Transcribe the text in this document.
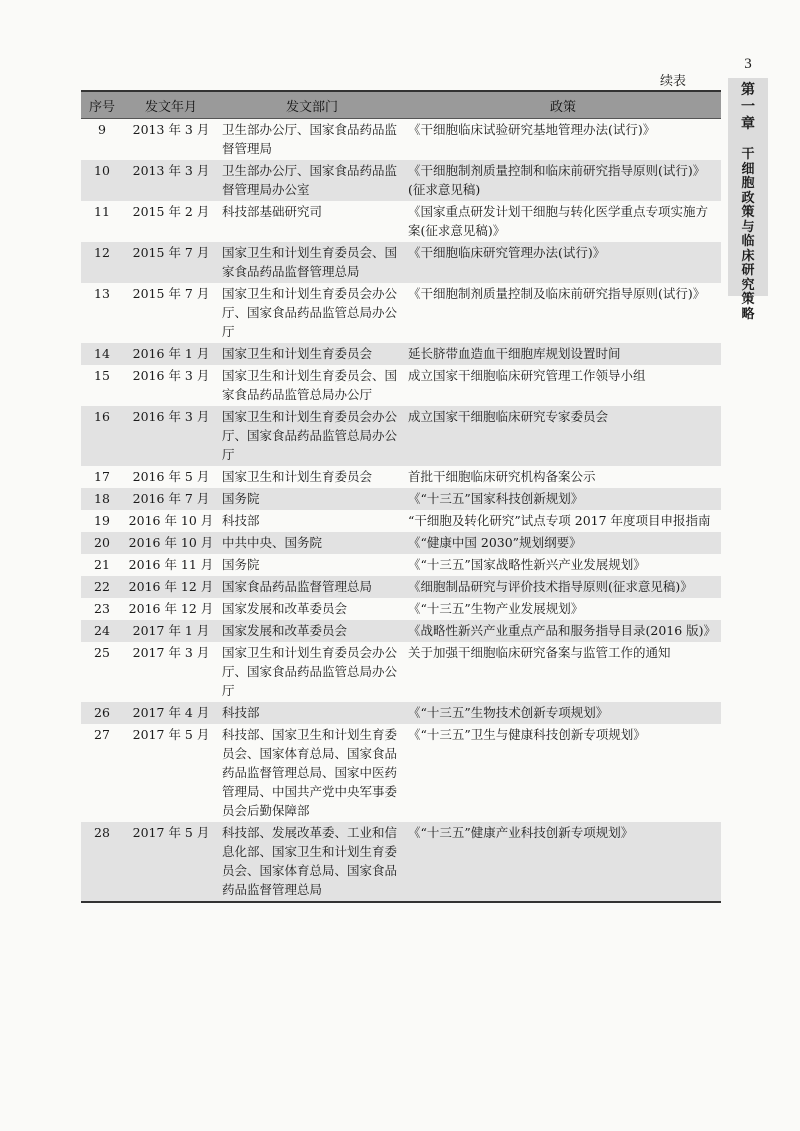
3
第
一
章
干
细
胞
政
策
与
临
床
研
究
策
略
续表
序号	发文年月	发文部门	政策
9	2013 年 3 月	卫生部办公厅、国家食品药品监督管理局	《干细胞临床试验研究基地管理办法(试行)》
10	2013 年 3 月	卫生部办公厅、国家食品药品监督管理局办公室	《干细胞制剂质量控制和临床前研究指导原则(试行)》(征求意见稿)
11	2015 年 2 月	科技部基础研究司	《国家重点研发计划干细胞与转化医学重点专项实施方案(征求意见稿)》
12	2015 年 7 月	国家卫生和计划生育委员会、国家食品药品监督管理总局	《干细胞临床研究管理办法(试行)》
13	2015 年 7 月	国家卫生和计划生育委员会办公厅、国家食品药品监管总局办公厅	《干细胞制剂质量控制及临床前研究指导原则(试行)》
14	2016 年 1 月	国家卫生和计划生育委员会	延长脐带血造血干细胞库规划设置时间
15	2016 年 3 月	国家卫生和计划生育委员会、国家食品药品监管总局办公厅	成立国家干细胞临床研究管理工作领导小组
16	2016 年 3 月	国家卫生和计划生育委员会办公厅、国家食品药品监管总局办公厅	成立国家干细胞临床研究专家委员会
17	2016 年 5 月	国家卫生和计划生育委员会	首批干细胞临床研究机构备案公示
18	2016 年 7 月	国务院	《“十三五”国家科技创新规划》
19	2016 年 10 月	科技部	“干细胞及转化研究”试点专项 2017 年度项目申报指南
20	2016 年 10 月	中共中央、国务院	《“健康中国 2030”规划纲要》
21	2016 年 11 月	国务院	《“十三五”国家战略性新兴产业发展规划》
22	2016 年 12 月	国家食品药品监督管理总局	《细胞制品研究与评价技术指导原则(征求意见稿)》
23	2016 年 12 月	国家发展和改革委员会	《“十三五”生物产业发展规划》
24	2017 年 1 月	国家发展和改革委员会	《战略性新兴产业重点产品和服务指导目录(2016 版)》
25	2017 年 3 月	国家卫生和计划生育委员会办公厅、国家食品药品监管总局办公厅	关于加强干细胞临床研究备案与监管工作的通知
26	2017 年 4 月	科技部	《“十三五”生物技术创新专项规划》
27	2017 年 5 月	科技部、国家卫生和计划生育委员会、国家体育总局、国家食品药品监督管理总局、国家中医药管理局、中国共产党中央军事委员会后勤保障部	《“十三五”卫生与健康科技创新专项规划》
28	2017 年 5 月	科技部、发展改革委、工业和信息化部、国家卫生和计划生育委员会、国家体育总局、国家食品药品监督管理总局	《“十三五”健康产业科技创新专项规划》
